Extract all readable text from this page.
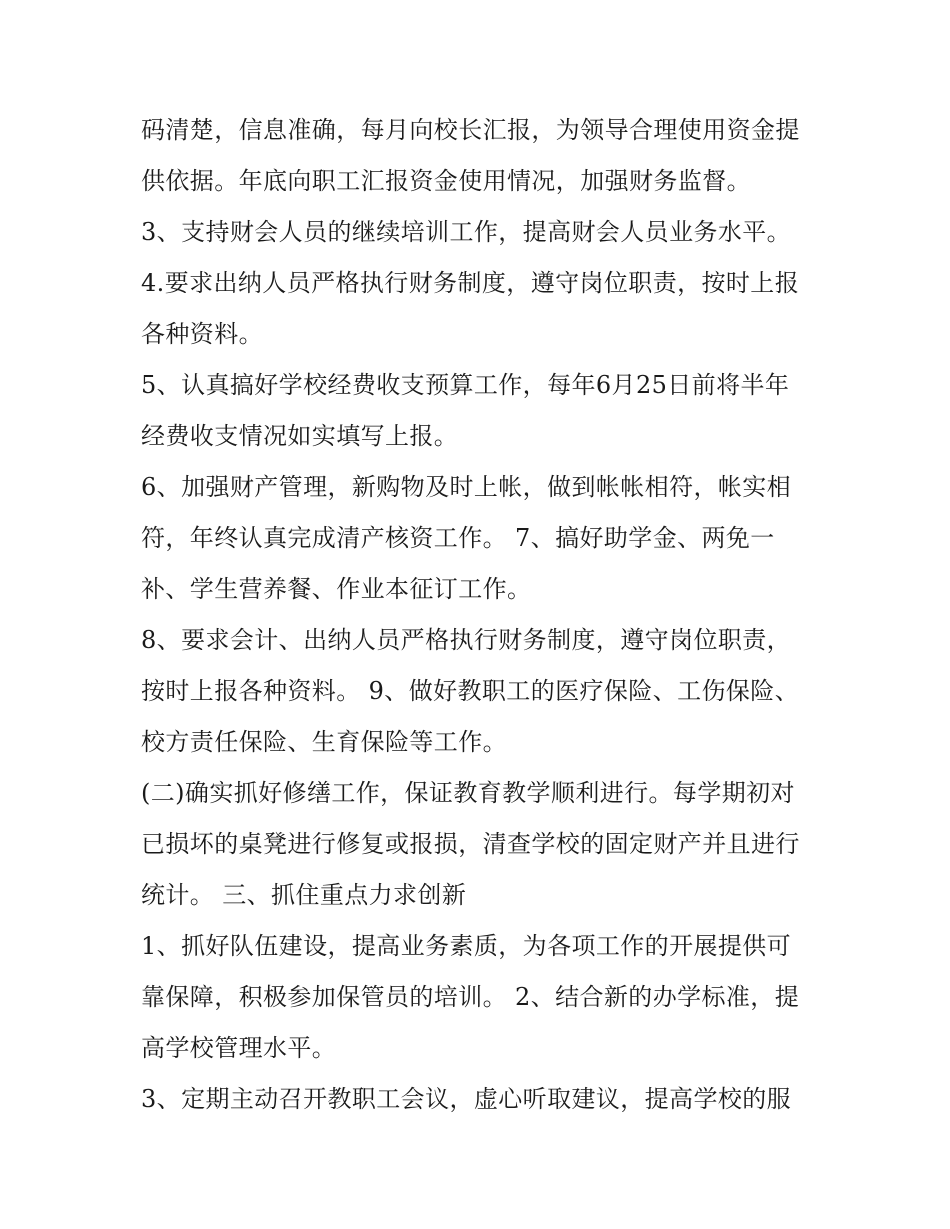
码清楚，信息准确，每月向校长汇报，为领导合理使用资金提

供依据。年底向职工汇报资金使用情况，加强财务监督。

3、支持财会人员的继续培训工作，提高财会人员业务水平。

4.要求出纳人员严格执行财务制度，遵守岗位职责，按时上报

各种资料。

5、认真搞好学校经费收支预算工作，每年6月25日前将半年

经费收支情况如实填写上报。

6、加强财产管理，新购物及时上帐，做到帐帐相符，帐实相

符，年终认真完成清产核资工作。 7、搞好助学金、两免一

补、学生营养餐、作业本征订工作。

8、要求会计、出纳人员严格执行财务制度，遵守岗位职责，

按时上报各种资料。 9、做好教职工的医疗保险、工伤保险、

校方责任保险、生育保险等工作。

(二)确实抓好修缮工作，保证教育教学顺利进行。每学期初对

已损坏的桌凳进行修复或报损，清查学校的固定财产并且进行

统计。 三、抓住重点力求创新

1、抓好队伍建设，提高业务素质，为各项工作的开展提供可

靠保障，积极参加保管员的培训。 2、结合新的办学标准，提

高学校管理水平。

3、定期主动召开教职工会议，虚心听取建议，提高学校的服
